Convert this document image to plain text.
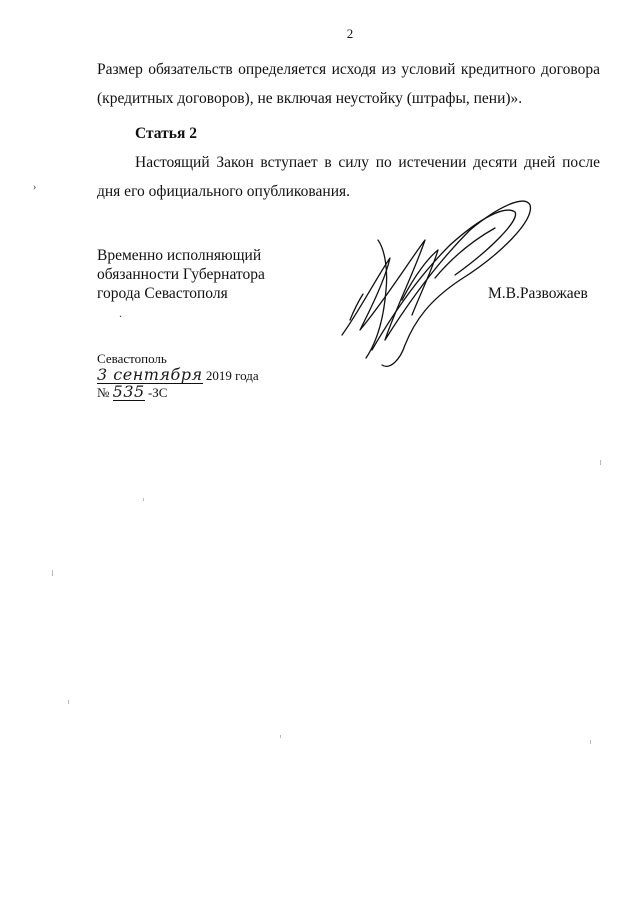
2
Размер обязательств определяется исходя из условий кредитного договора (кредитных договоров), не включая неустойку (штрафы, пени)».
Статья 2
Настоящий Закон вступает в силу по истечении десяти дней после дня его официального опубликования.
Временно исполняющий
обязанности Губернатора
города Севастополя	М.В.Развожаев
Севастополь
3 сентября 2019 года
№ 535 -ЗС
.
›
